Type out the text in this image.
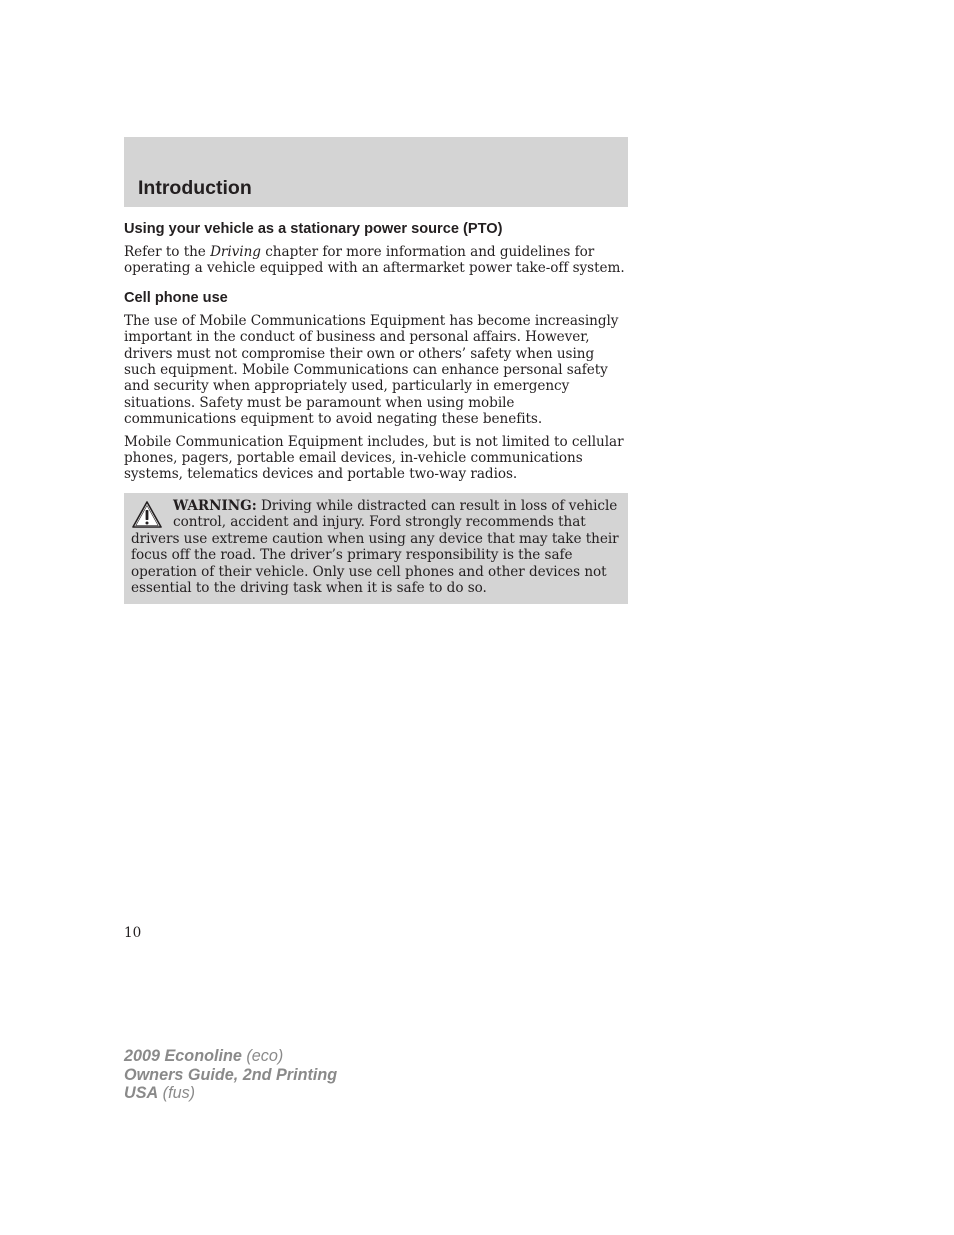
Introduction
Using your vehicle as a stationary power source (PTO)

Refer to the Driving chapter for more information and guidelines for operating a vehicle equipped with an aftermarket power take-off system.

Cell phone use

The use of Mobile Communications Equipment has become increasingly important in the conduct of business and personal affairs. However, drivers must not compromise their own or others’ safety when using such equipment. Mobile Communications can enhance personal safety and security when appropriately used, particularly in emergency situations. Safety must be paramount when using mobile communications equipment to avoid negating these benefits.

Mobile Communication Equipment includes, but is not limited to cellular phones, pagers, portable email devices, in-vehicle communications systems, telematics devices and portable two-way radios.

WARNING: Driving while distracted can result in loss of vehicle control, accident and injury. Ford strongly recommends that drivers use extreme caution when using any device that may take their focus off the road. The driver’s primary responsibility is the safe operation of their vehicle. Only use cell phones and other devices not essential to the driving task when it is safe to do so.

10
2009 Econoline (eco)
Owners Guide, 2nd Printing
USA (fus)
